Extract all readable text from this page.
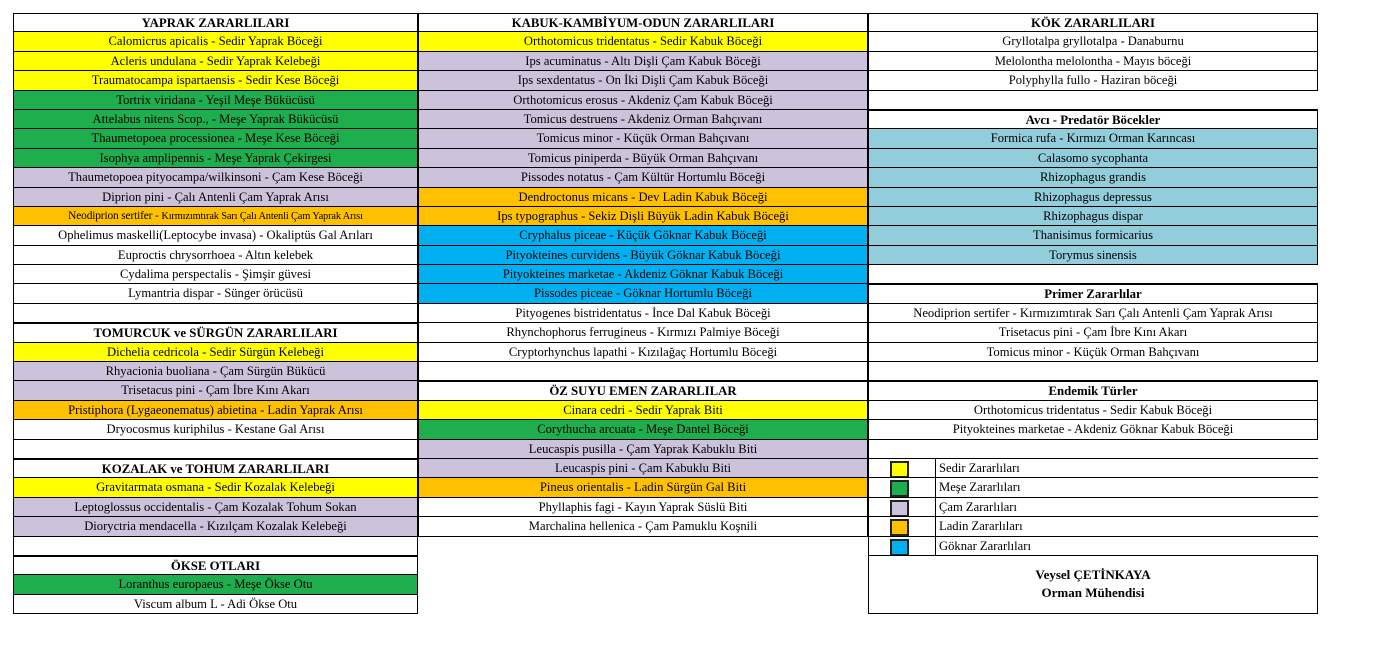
YAPRAK ZARARLILARI
Calomicrus apicalis - Sedir Yaprak Böceği
Acleris undulana - Sedir Yaprak Kelebeği
Traumatocampa ispartaensis - Sedir Kese Böceği
Tortrix viridana - Yeşil Meşe Bükücüsü
Attelabus nitens Scop., - Meşe Yaprak Bükücüsü
Thaumetopoea processionea - Meşe Kese Böceği
Isophya amplipennis - Meşe Yaprak Çekirgesi
Thaumetopoea pityocampa/wilkinsoni - Çam Kese Böceği
Diprion pini - Çalı Antenli Çam Yaprak Arısı
Neodiprion sertifer - Kırmızımtırak Sarı Çalı Antenli Çam Yaprak Arısı
Ophelimus maskelli(Leptocybe invasa) - Okaliptüs Gal Arıları
Euproctis chrysorrhoea - Altın kelebek
Cydalima perspectalis - Şimşir güvesi
Lymantria dispar - Sünger örücüsü
TOMURCUK ve SÜRGÜN ZARARLILARI
Dichelia cedricola - Sedir Sürgün Kelebeği
Rhyacionia buoliana - Çam Sürgün Bükücü
Trisetacus pini - Çam İbre Kını Akarı
Pristiphora (Lygaeonematus) abietina - Ladin Yaprak Arısı
Dryocosmus kuriphilus - Kestane Gal Arısı
KOZALAK ve TOHUM ZARARLILARI
Gravitarmata osmana - Sedir Kozalak Kelebeği
Leptoglossus occidentalis - Çam Kozalak Tohum Sokan
Dioryctria mendacella - Kızılçam Kozalak Kelebeği
ÖKSE OTLARI
Loranthus europaeus - Meşe Ökse Otu
Viscum album L - Adi Ökse Otu
KABUK-KAMBİYUM-ODUN ZARARLILARI
Orthotomicus tridentatus - Sedir Kabuk Böceği
Ips acuminatus - Altı Dişli Çam Kabuk Böceği
Ips sexdentatus - On İki Dişli Çam Kabuk Böceği
Orthotomicus erosus - Akdeniz Çam Kabuk Böceği
Tomicus destruens - Akdeniz Orman Bahçıvanı
Tomicus minor - Küçük Orman Bahçıvanı
Tomicus piniperda - Büyük Orman Bahçıvanı
Pissodes notatus - Çam Kültür Hortumlu Böceği
Dendroctonus micans - Dev Ladin Kabuk Böceği
Ips typographus - Sekiz Dişli Büyük Ladin Kabuk Böceği
Cryphalus piceae - Küçük Göknar Kabuk Böceği
Pityokteines curvidens - Büyük Göknar Kabuk Böceği
Pityokteines marketae - Akdeniz Göknar Kabuk Böceği
Pissodes piceae - Göknar Hortumlu Böceği
Pityogenes bistridentatus - İnce Dal Kabuk Böceği
Rhynchophorus ferrugineus - Kırmızı Palmiye Böceği
Cryptorhynchus lapathi - Kızılağaç Hortumlu Böceği
ÖZ SUYU EMEN ZARARLILAR
Cinara cedri - Sedir Yaprak Biti
Corythucha arcuata - Meşe Dantel Böceği
Leucaspis pusilla - Çam Yaprak Kabuklu Biti
Leucaspis pini - Çam Kabuklu Biti
Pineus orientalis - Ladin Sürgün Gal Biti
Phyllaphis fagi - Kayın Yaprak Süslü Biti
Marchalina hellenica - Çam Pamuklu Koşnili
KÖK ZARARLILARI
Gryllotalpa gryllotalpa - Danaburnu
Melolontha melolontha - Mayıs böceği
Polyphylla fullo - Haziran böceği
Avcı - Predatör Böcekler
Formica rufa - Kırmızı Orman Karıncası
Calasomo sycophanta
Rhizophagus grandis
Rhizophagus depressus
Rhizophagus dispar
Thanisimus formicarius
Torymus sinensis
Primer Zararlılar
Neodiprion sertifer - Kırmızımtırak Sarı Çalı Antenli Çam Yaprak Arısı
Trisetacus pini - Çam İbre Kını Akarı
Tomicus minor - Küçük Orman Bahçıvanı
Endemik Türler
Orthotomicus tridentatus - Sedir Kabuk Böceği
Pityokteines marketae - Akdeniz Göknar Kabuk Böceği
Sedir Zararlıları
Meşe Zararlıları
Çam Zararlıları
Ladin Zararlıları
Göknar Zararlıları
Veysel ÇETİNKAYA
Orman Mühendisi
